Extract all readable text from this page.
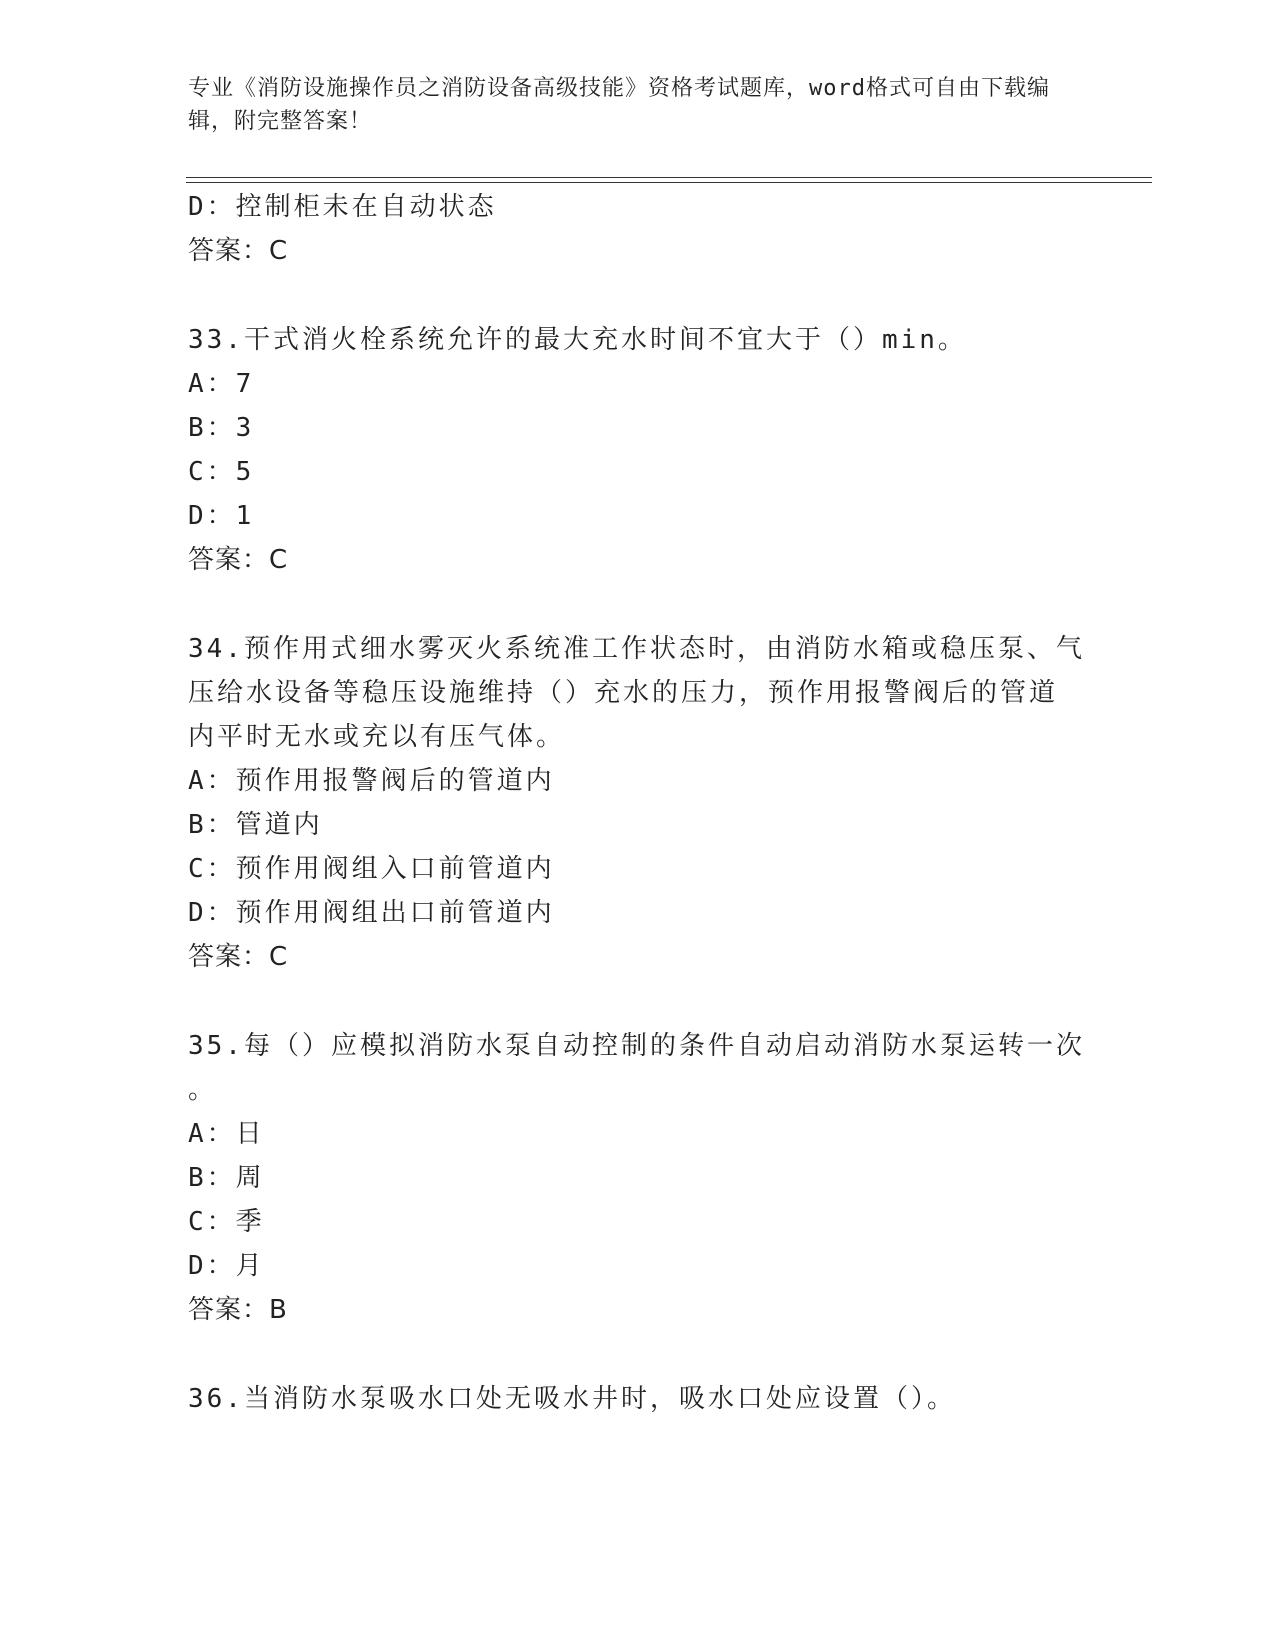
专业《消防设施操作员之消防设备高级技能》资格考试题库，word格式可自由下载编辑，附完整答案！
D：控制柜未在自动状态
答案：C
33.干式消火栓系统允许的最大充水时间不宜大于（）min。
A：7
B：3
C：5
D：1
答案：C
34.预作用式细水雾灭火系统准工作状态时，由消防水箱或稳压泵、气
压给水设备等稳压设施维持（）充水的压力，预作用报警阀后的管道
内平时无水或充以有压气体。
A：预作用报警阀后的管道内
B：管道内
C：预作用阀组入口前管道内
D：预作用阀组出口前管道内
答案：C
35.每（）应模拟消防水泵自动控制的条件自动启动消防水泵运转一次
。
A：日
B：周
C：季
D：月
答案：B
36.当消防水泵吸水口处无吸水井时，吸水口处应设置（）。
